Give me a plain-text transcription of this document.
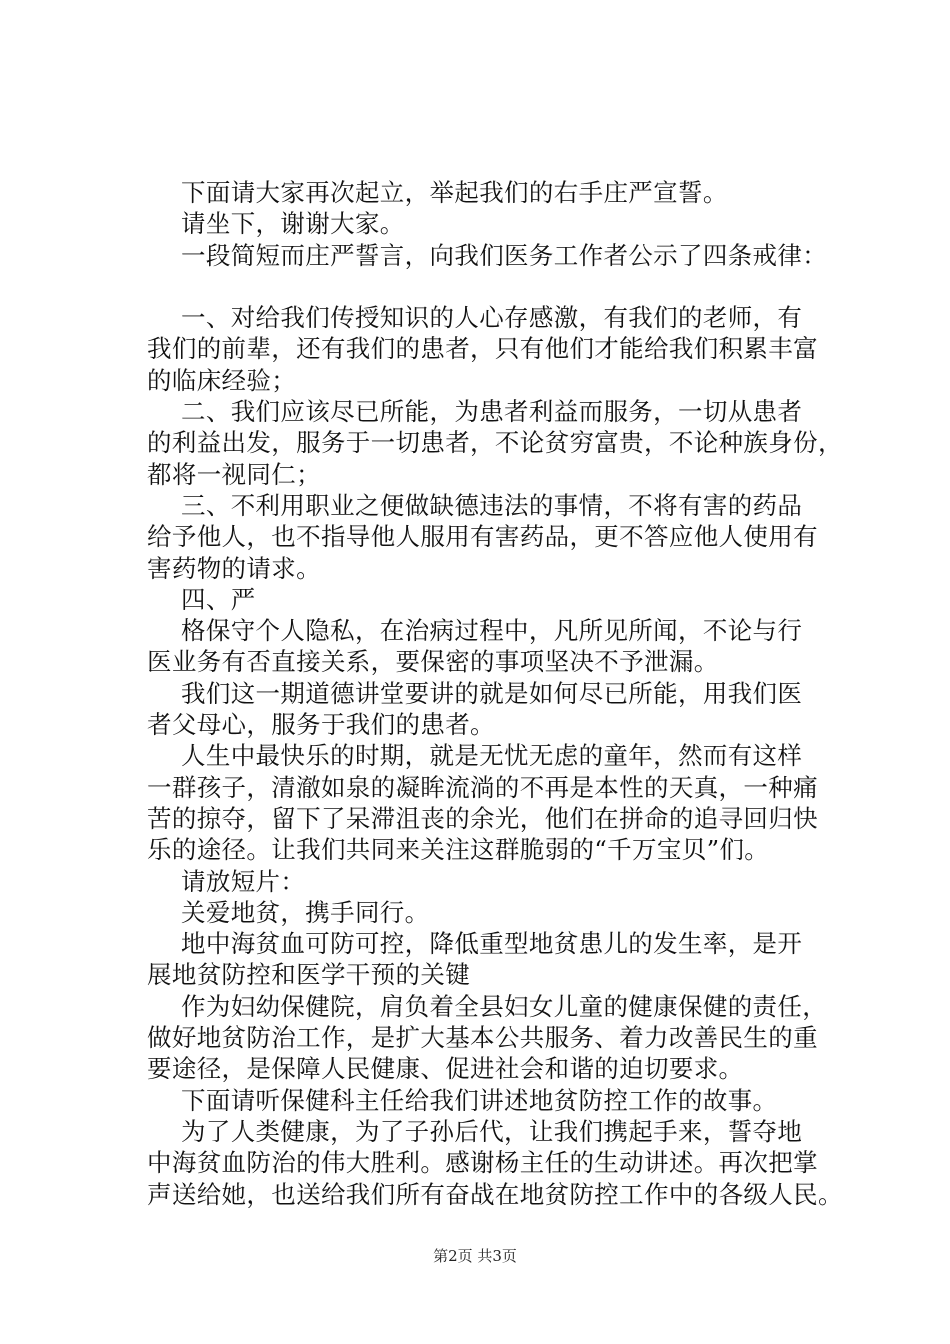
下面请大家再次起立，举起我们的右手庄严宣誓。
请坐下，谢谢大家。
一段简短而庄严誓言，向我们医务工作者公示了四条戒律：
一、对给我们传授知识的人心存感激，有我们的老师，有
我们的前辈，还有我们的患者，只有他们才能给我们积累丰富
的临床经验；
二、我们应该尽已所能，为患者利益而服务，一切从患者
的利益出发，服务于一切患者，不论贫穷富贵，不论种族身份，
都将一视同仁；
三、不利用职业之便做缺德违法的事情，不将有害的药品
给予他人，也不指导他人服用有害药品，更不答应他人使用有
害药物的请求。
四、严
格保守个人隐私，在治病过程中，凡所见所闻，不论与行
医业务有否直接关系，要保密的事项坚决不予泄漏。
我们这一期道德讲堂要讲的就是如何尽已所能，用我们医
者父母心，服务于我们的患者。
人生中最快乐的时期，就是无忧无虑的童年，然而有这样
一群孩子，清澈如泉的凝眸流淌的不再是本性的天真，一种痛
苦的掠夺，留下了呆滞沮丧的余光，他们在拼命的追寻回归快
乐的途径。让我们共同来关注这群脆弱的“千万宝贝”们。
请放短片：
关爱地贫，携手同行。
地中海贫血可防可控，降低重型地贫患儿的发生率，是开
展地贫防控和医学干预的关键
作为妇幼保健院，肩负着全县妇女儿童的健康保健的责任，
做好地贫防治工作，是扩大基本公共服务、着力改善民生的重
要途径，是保障人民健康、促进社会和谐的迫切要求。
下面请听保健科主任给我们讲述地贫防控工作的故事。
为了人类健康，为了子孙后代，让我们携起手来，誓夺地
中海贫血防治的伟大胜利。感谢杨主任的生动讲述。再次把掌
声送给她，也送给我们所有奋战在地贫防控工作中的各级人民。
第2页 共3页
